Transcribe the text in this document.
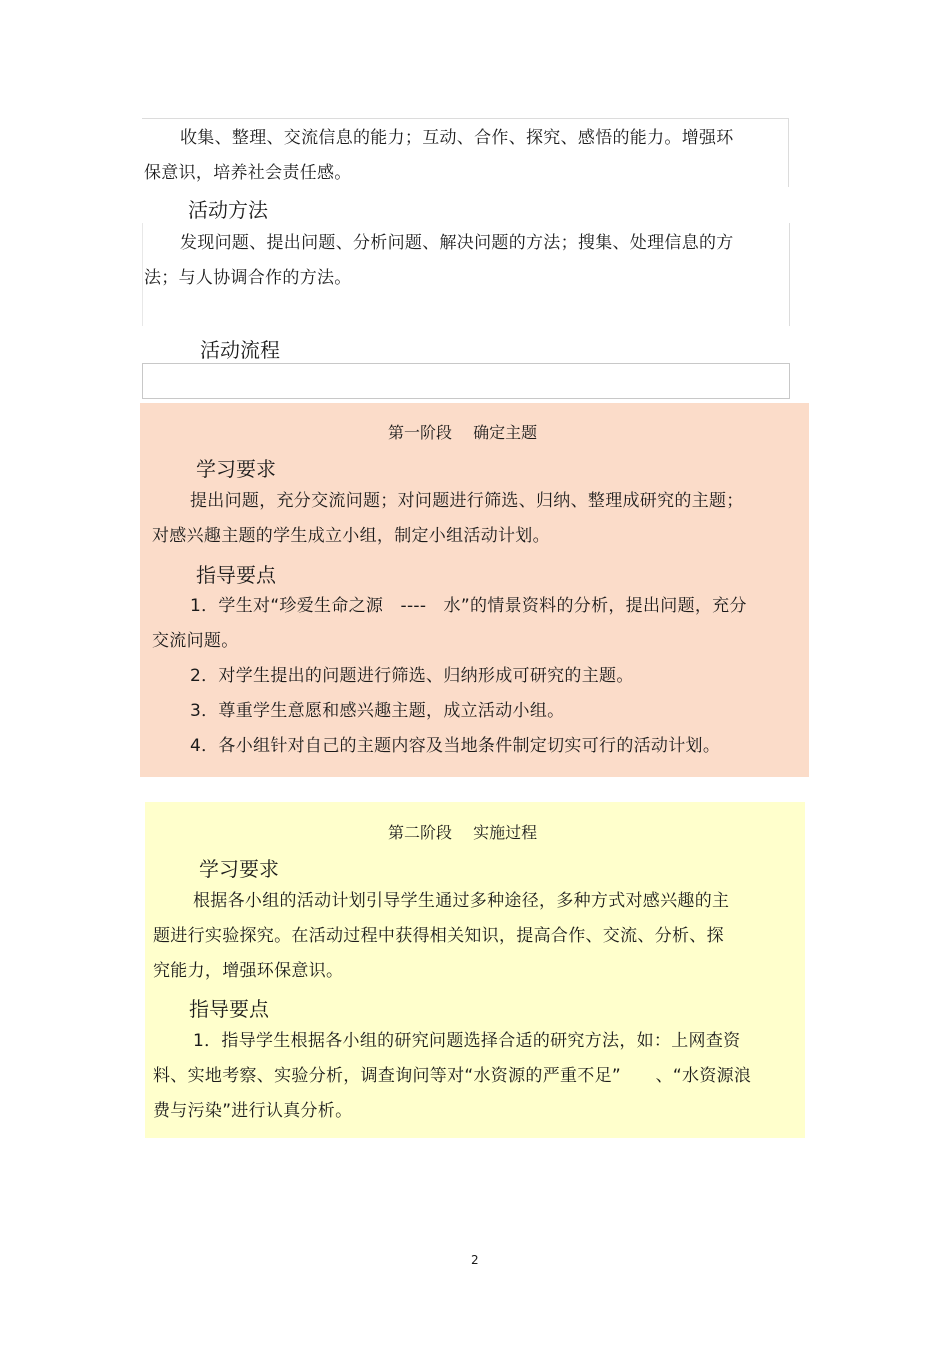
收集、整理、交流信息的能力；互动、合作、探究、感悟的能力。增强环
保意识，培养社会责任感。
活动方法
发现问题、提出问题、分析问题、解决问题的方法；搜集、处理信息的方
法；与人协调合作的方法。
活动流程
第一阶段　 确定主题
学习要求
提出问题，充分交流问题；对问题进行筛选、归纳、整理成研究的主题；
对感兴趣主题的学生成立小组，制定小组活动计划。
指导要点
1．学生对“珍爱生命之源　----　水”的情景资料的分析，提出问题，充分
交流问题。
2．对学生提出的问题进行筛选、归纳形成可研究的主题。
3．尊重学生意愿和感兴趣主题，成立活动小组。
4．各小组针对自己的主题内容及当地条件制定切实可行的活动计划。
第二阶段　 实施过程
学习要求
根据各小组的活动计划引导学生通过多种途径，多种方式对感兴趣的主
题进行实验探究。在活动过程中获得相关知识，提高合作、交流、分析、探
究能力，增强环保意识。
指导要点
1．指导学生根据各小组的研究问题选择合适的研究方法，如：上网查资
料、实地考察、实验分析，调查询问等对“水资源的严重不足”　　、“水资源浪
费与污染”进行认真分析。
2
